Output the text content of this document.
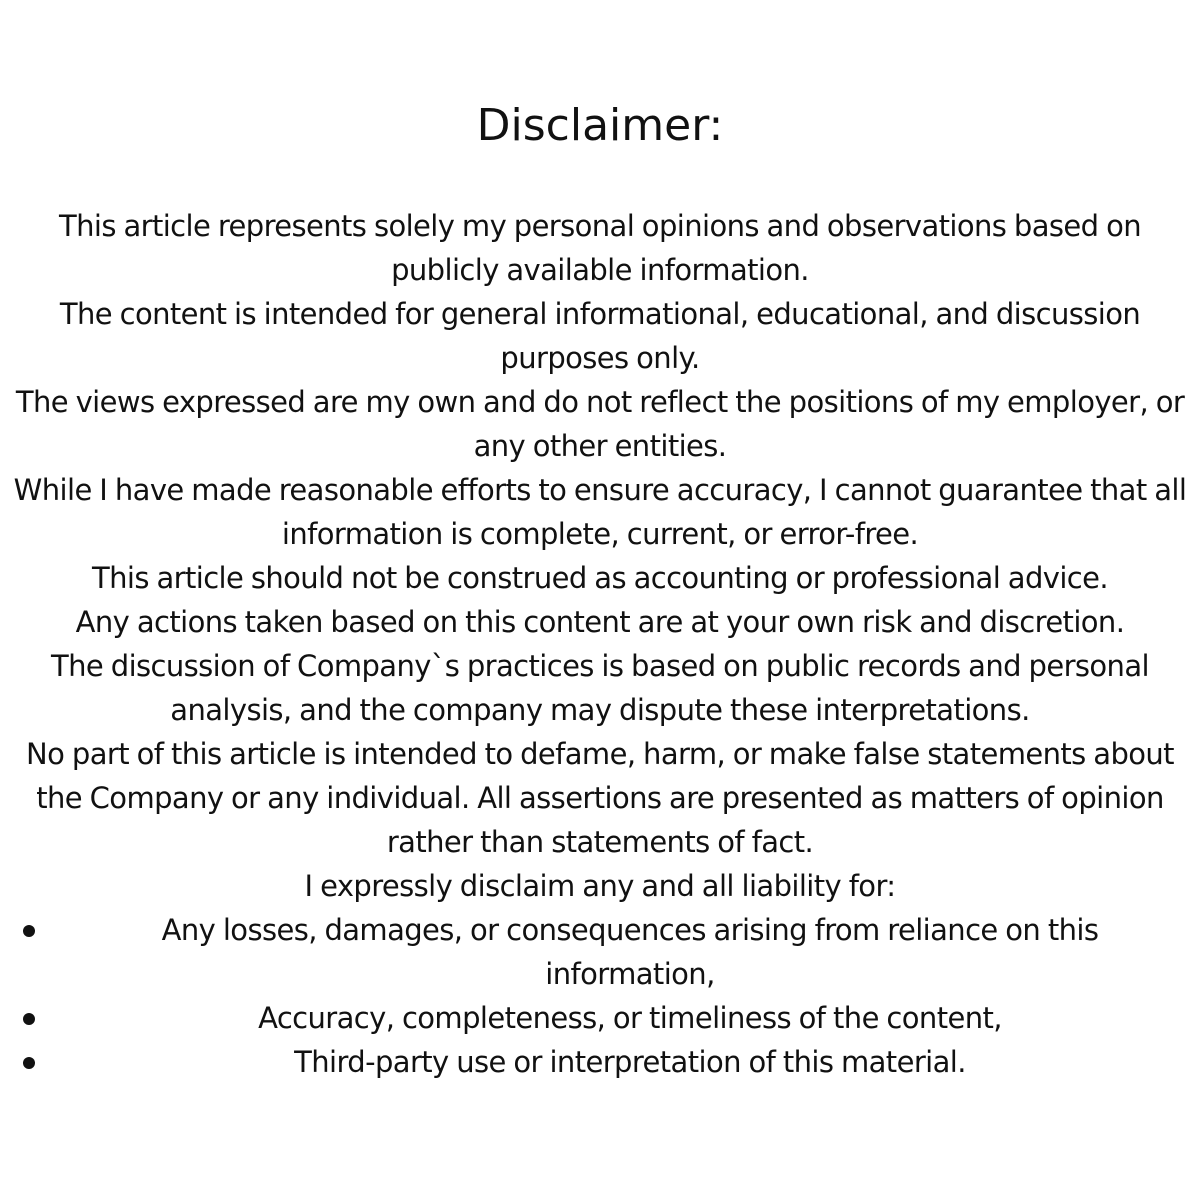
Disclaimer:

This article represents solely my personal opinions and observations based on publicly available information.

The content is intended for general informational, educational, and discussion purposes only.

The views expressed are my own and do not reflect the positions of my employer, or any other entities.

While I have made reasonable efforts to ensure accuracy, I cannot guarantee that all information is complete, current, or error-free.

This article should not be construed as accounting or professional advice.

Any actions taken based on this content are at your own risk and discretion.

The discussion of Company`s practices is based on public records and personal analysis, and the company may dispute these interpretations.

No part of this article is intended to defame, harm, or make false statements about the Company or any individual. All assertions are presented as matters of opinion rather than statements of fact.

I expressly disclaim any and all liability for:

Any losses, damages, or consequences arising from reliance on this information,
Accuracy, completeness, or timeliness of the content,
Third-party use or interpretation of this material.
